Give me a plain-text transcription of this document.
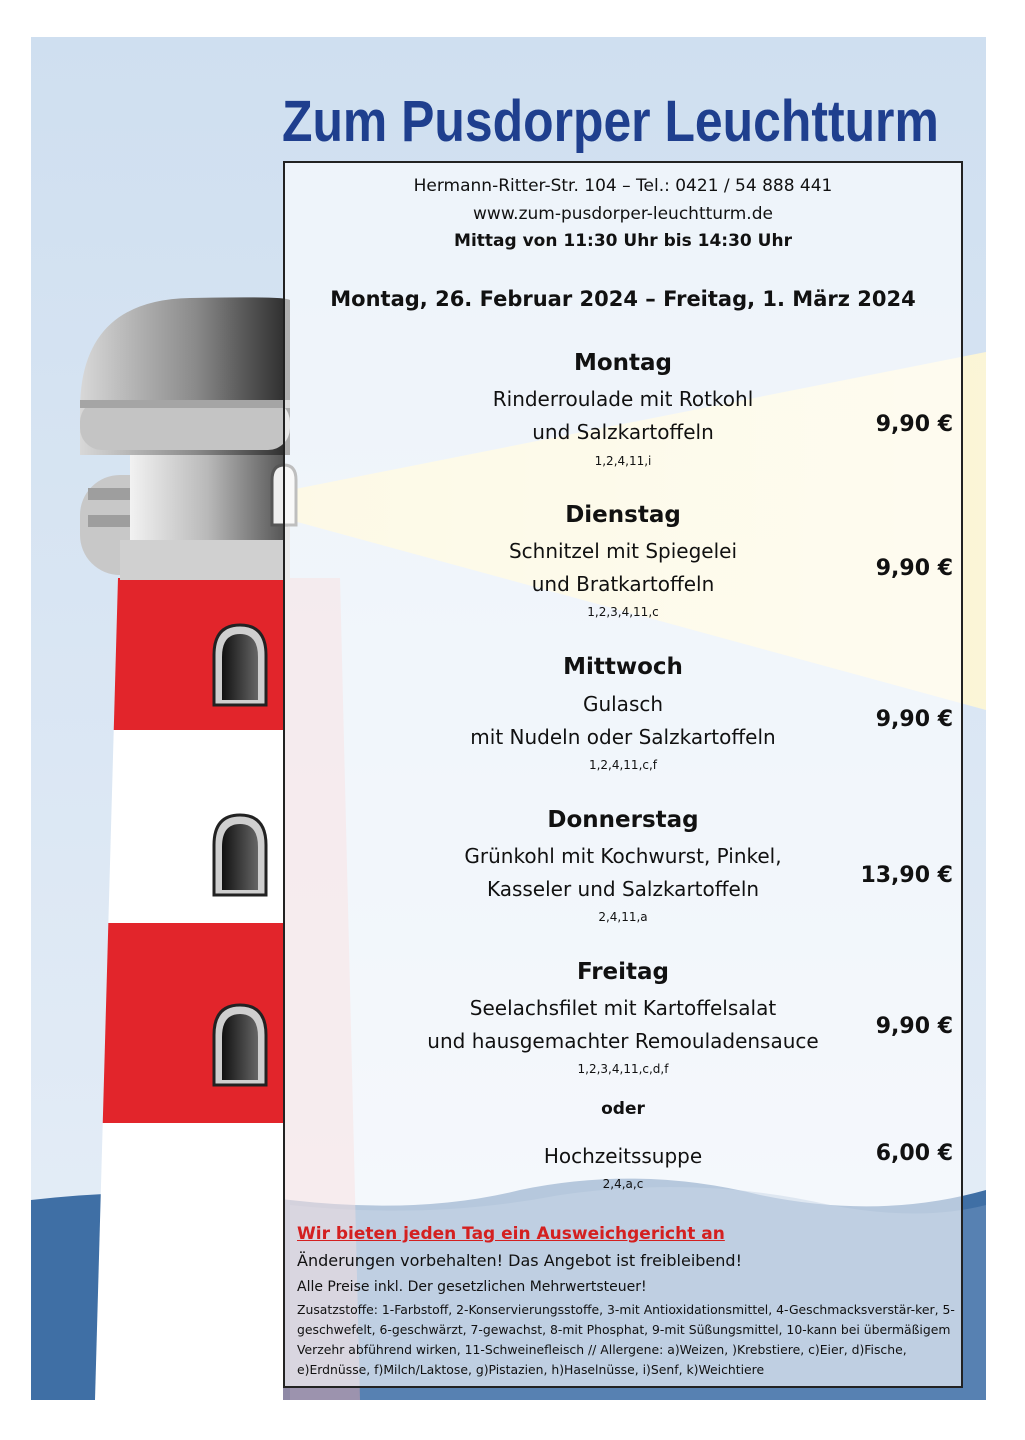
Zum Pusdorper Leuchtturm
Hermann-Ritter-Str. 104 – Tel.: 0421 / 54 888 441
www.zum-pusdorper-leuchtturm.de
Mittag von 11:30 Uhr bis 14:30 Uhr
Montag, 26. Februar 2024 – Freitag, 1. März 2024
Montag
Rinderroulade mit Rotkohl
und Salzkartoffeln
1,2,4,11,i
9,90 €
Dienstag
Schnitzel mit Spiegelei
und Bratkartoffeln
1,2,3,4,11,c
9,90 €
Mittwoch
Gulasch
mit Nudeln oder Salzkartoffeln
1,2,4,11,c,f
9,90 €
Donnerstag
Grünkohl mit Kochwurst, Pinkel,
Kasseler und Salzkartoffeln
2,4,11,a
13,90 €
Freitag
Seelachsfilet mit Kartoffelsalat
und hausgemachter Remouladensauce
1,2,3,4,11,c,d,f
9,90 €
oder
Hochzeitssuppe
2,4,a,c
6,00 €
Wir bieten jeden Tag ein Ausweichgericht an
Änderungen vorbehalten! Das Angebot ist freibleibend!
Alle Preise inkl. Der gesetzlichen Mehrwertsteuer!
Zusatzstoffe: 1-Farbstoff, 2-Konservierungsstoffe, 3-mit Antioxidationsmittel, 4-Geschmacksverstär-ker, 5-geschwefelt, 6-geschwärzt, 7-gewachst, 8-mit Phosphat, 9-mit Süßungsmittel, 10-kann bei übermäßigem Verzehr abführend wirken, 11-Schweinefleisch // Allergene: a)Weizen, )Krebstiere, c)Eier, d)Fische, e)Erdnüsse, f)Milch/Laktose, g)Pistazien, h)Haselnüsse, i)Senf, k)Weichtiere
